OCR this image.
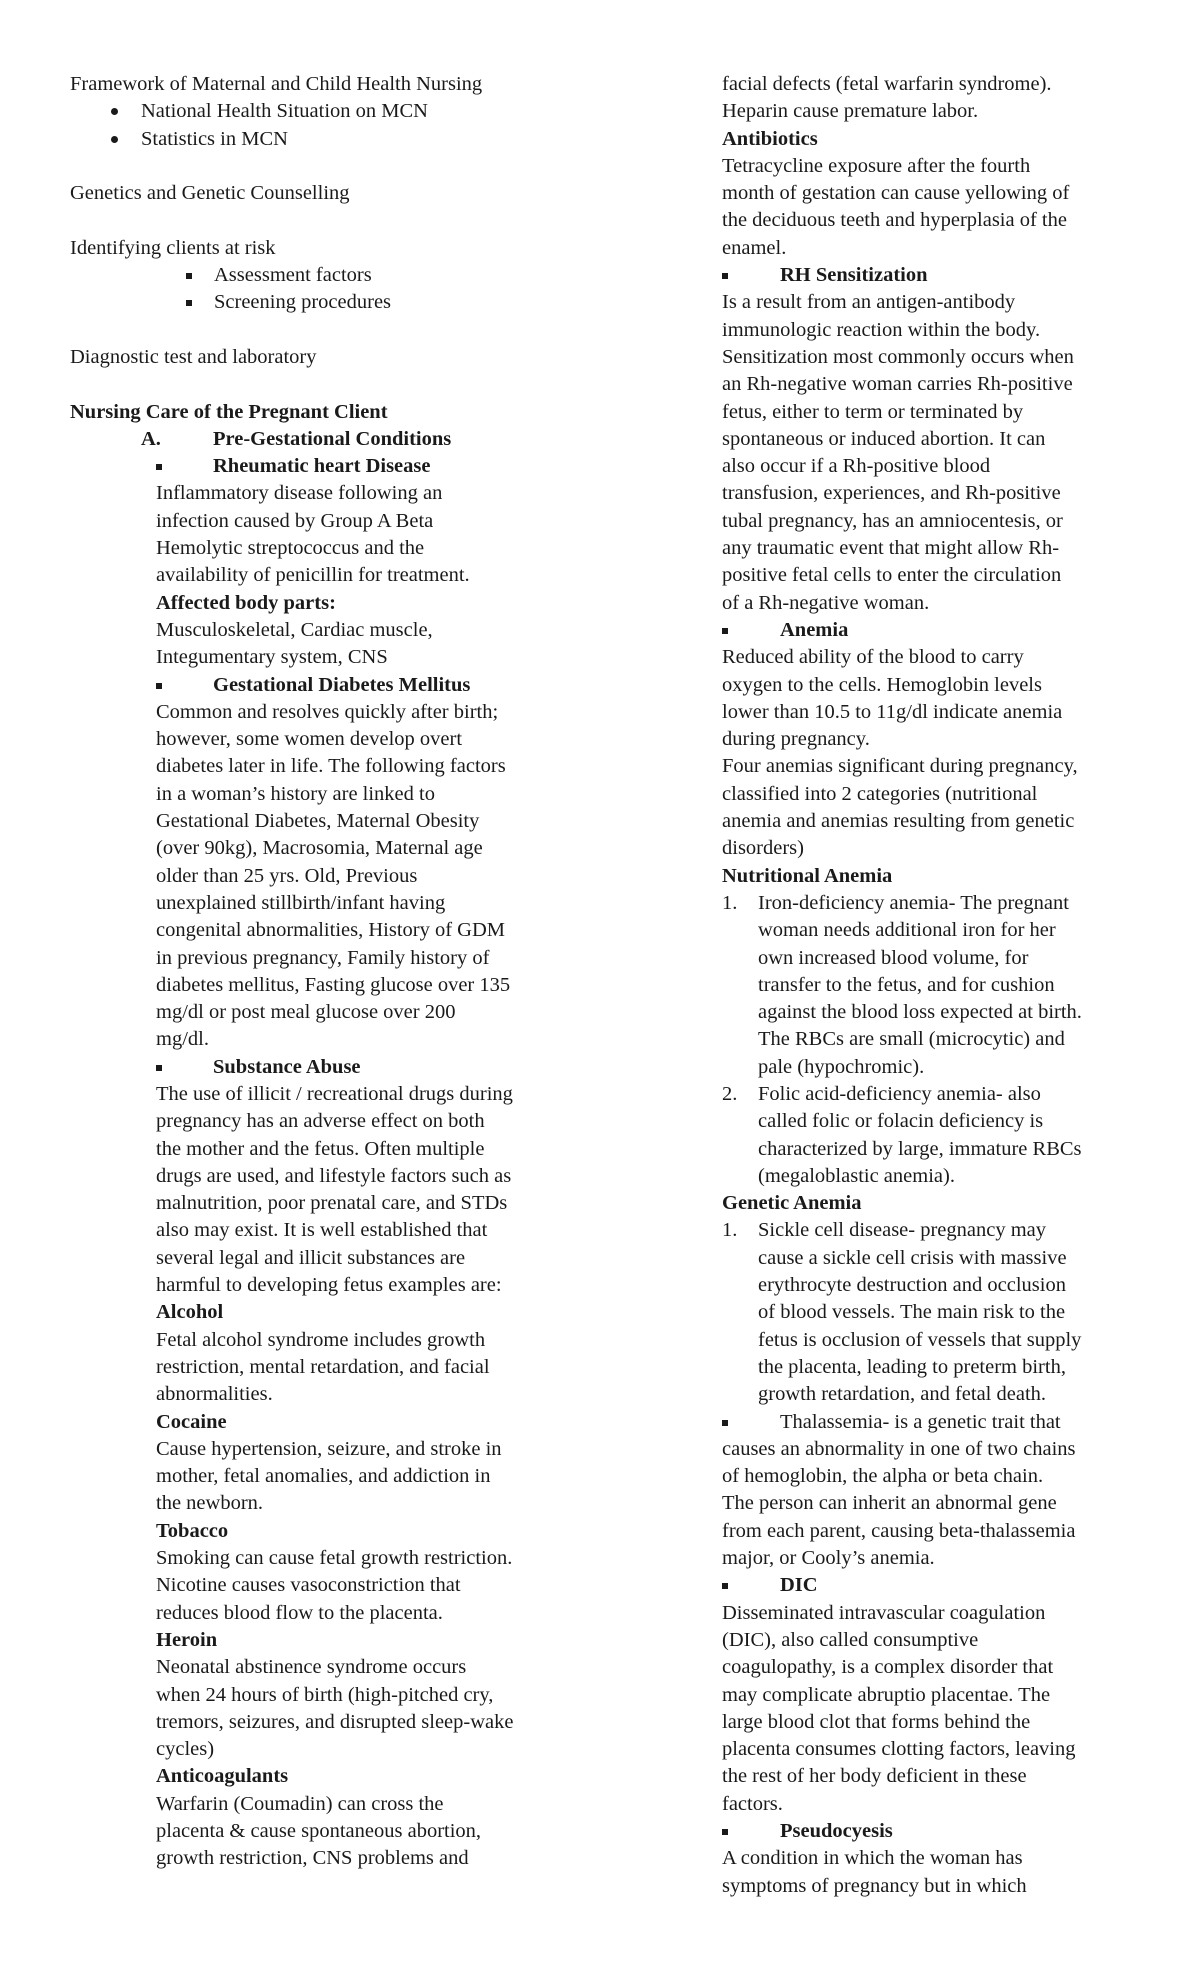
Framework of Maternal and Child Health Nursing

National Health Situation on MCN

Statistics in MCN

Genetics and Genetic Counselling

Identifying clients at risk

Assessment factors

Screening procedures

Diagnostic test and laboratory

Nursing Care of the Pregnant Client

A.	Pre-Gestational Conditions

Rheumatic heart Disease

Inflammatory disease following an

infection caused by Group A Beta

Hemolytic streptococcus and the

availability of penicillin for treatment.

Affected body parts:

Musculoskeletal, Cardiac muscle,

Integumentary system, CNS

Gestational Diabetes Mellitus

Common and resolves quickly after birth;

however, some women develop overt

diabetes later in life. The following factors

in a woman’s history are linked to

Gestational Diabetes, Maternal Obesity

(over 90kg), Macrosomia, Maternal age

older than 25 yrs. Old, Previous

unexplained stillbirth/infant having

congenital abnormalities, History of GDM

in previous pregnancy, Family history of

diabetes mellitus, Fasting glucose over 135

mg/dl or post meal glucose over 200

mg/dl.

Substance Abuse

The use of illicit / recreational drugs during

pregnancy has an adverse effect on both

the mother and the fetus. Often multiple

drugs are used, and lifestyle factors such as

malnutrition, poor prenatal care, and STDs

also may exist. It is well established that

several legal and illicit substances are

harmful to developing fetus examples are:

Alcohol

Fetal alcohol syndrome includes growth

restriction, mental retardation, and facial

abnormalities.

Cocaine

Cause hypertension, seizure, and stroke in

mother, fetal anomalies, and addiction in

the newborn.

Tobacco

Smoking can cause fetal growth restriction.

Nicotine causes vasoconstriction that

reduces blood flow to the placenta.

Heroin

Neonatal abstinence syndrome occurs

when 24 hours of birth (high-pitched cry,

tremors, seizures, and disrupted sleep-wake

cycles)

Anticoagulants

Warfarin (Coumadin) can cross the

placenta & cause spontaneous abortion,

growth restriction, CNS problems and

facial defects (fetal warfarin syndrome).

Heparin cause premature labor.

Antibiotics

Tetracycline exposure after the fourth

month of gestation can cause yellowing of

the deciduous teeth and hyperplasia of the

enamel.

RH Sensitization

Is a result from an antigen-antibody

immunologic reaction within the body.

Sensitization most commonly occurs when

an Rh-negative woman carries Rh-positive

fetus, either to term or terminated by

spontaneous or induced abortion. It can

also occur if a Rh-positive blood

transfusion, experiences, and Rh-positive

tubal pregnancy, has an amniocentesis, or

any traumatic event that might allow Rh-

positive fetal cells to enter the circulation

of a Rh-negative woman.

Anemia

Reduced ability of the blood to carry

oxygen to the cells. Hemoglobin levels

lower than 10.5 to 11g/dl indicate anemia

during pregnancy.

Four anemias significant during pregnancy,

classified into 2 categories (nutritional

anemia and anemias resulting from genetic

disorders)

Nutritional Anemia

1. Iron-deficiency anemia- The pregnant

woman needs additional iron for her

own increased blood volume, for

transfer to the fetus, and for cushion

against the blood loss expected at birth.

The RBCs are small (microcytic) and

pale (hypochromic).

2. Folic acid-deficiency anemia- also

called folic or folacin deficiency is

characterized by large, immature RBCs

(megaloblastic anemia).

Genetic Anemia

1. Sickle cell disease- pregnancy may

cause a sickle cell crisis with massive

erythrocyte destruction and occlusion

of blood vessels. The main risk to the

fetus is occlusion of vessels that supply

the placenta, leading to preterm birth,

growth retardation, and fetal death.

Thalassemia- is a genetic trait that

causes an abnormality in one of two chains

of hemoglobin, the alpha or beta chain.

The person can inherit an abnormal gene

from each parent, causing beta-thalassemia

major, or Cooly’s anemia.

DIC

Disseminated intravascular coagulation

(DIC), also called consumptive

coagulopathy, is a complex disorder that

may complicate abruptio placentae. The

large blood clot that forms behind the

placenta consumes clotting factors, leaving

the rest of her body deficient in these

factors.

Pseudocyesis

A condition in which the woman has

symptoms of pregnancy but in which
